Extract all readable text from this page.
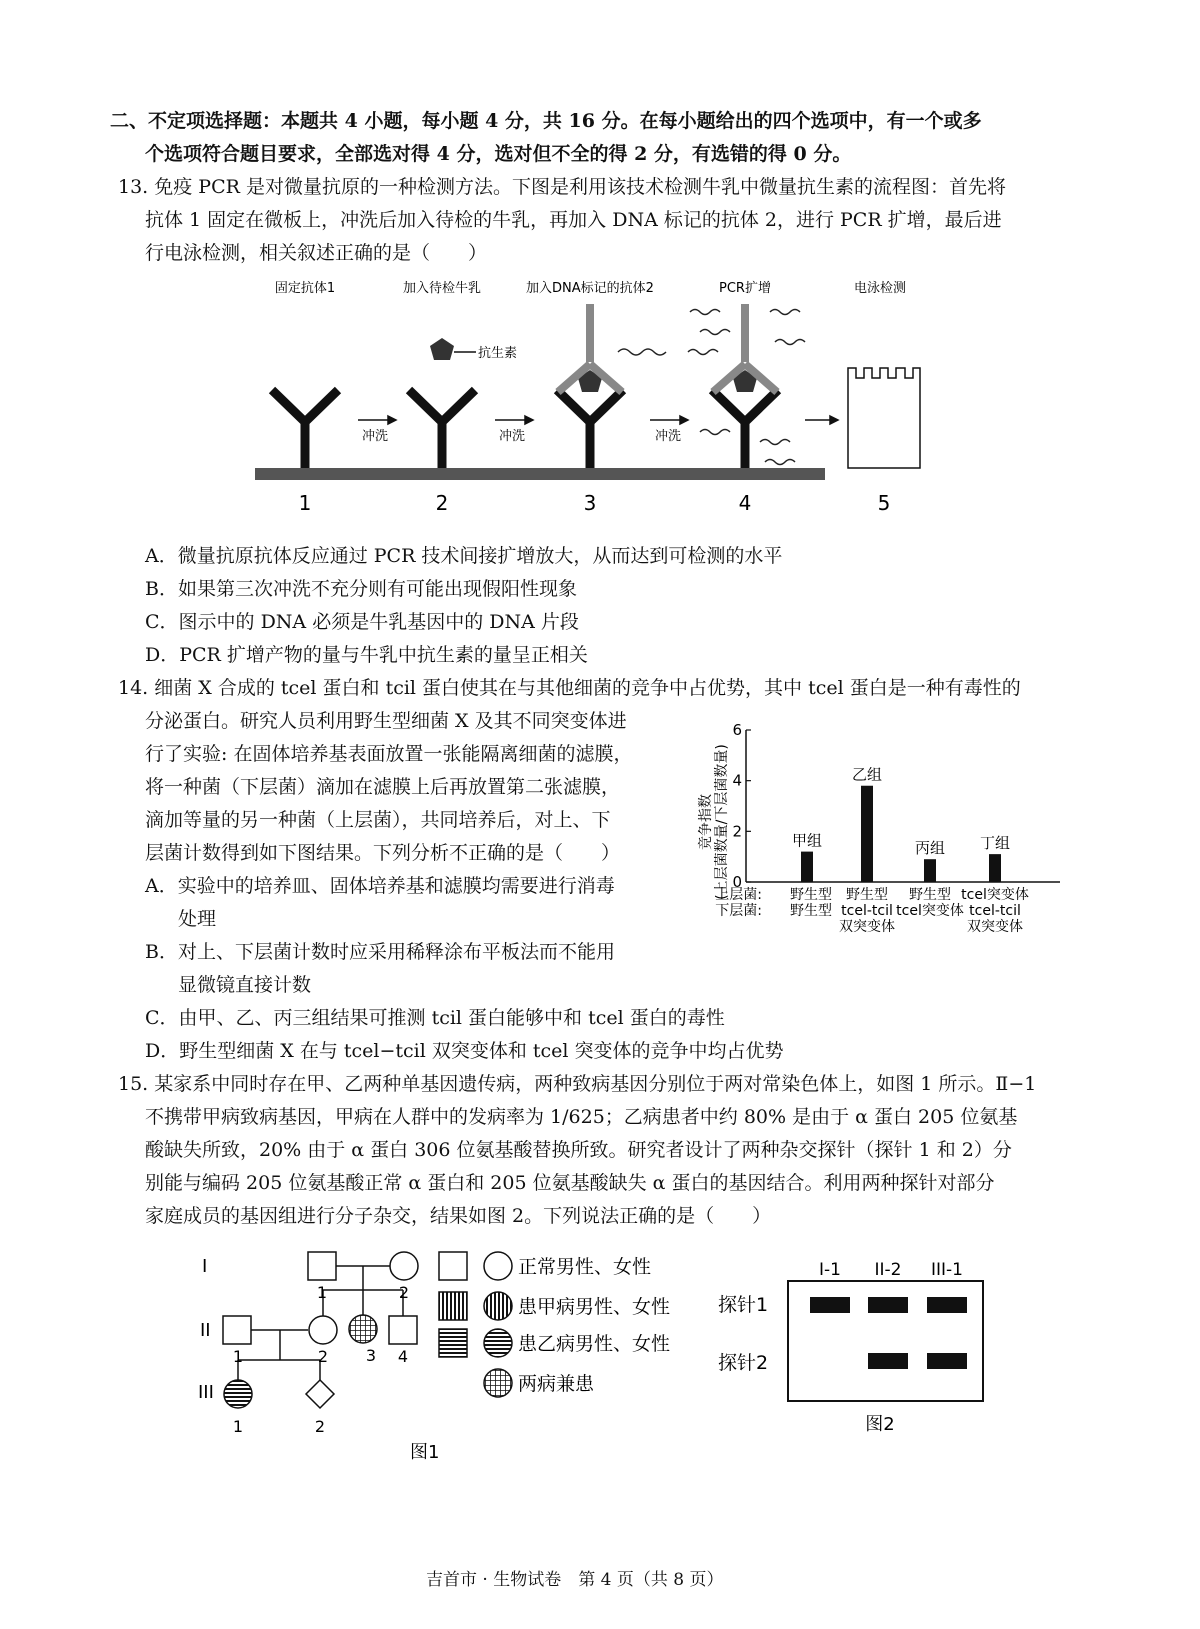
二、不定项选择题：本题共 4 小题，每小题 4 分，共 16 分。在每小题给出的四个选项中，有一个或多
个选项符合题目要求，全部选对得 4 分，选对但不全的得 2 分，有选错的得 0 分。
13. 免疫 PCR 是对微量抗原的一种检测方法。下图是利用该技术检测牛乳中微量抗生素的流程图：首先将
抗体 1 固定在微板上，冲洗后加入待检的牛乳，再加入 DNA 标记的抗体 2，进行 PCR 扩增，最后进
行电泳检测，相关叙述正确的是（　　）
固定抗体1	加入待检牛乳	加入DNA标记的抗体2	PCR扩增	电泳检测
抗生素
冲洗	冲洗	冲洗
1	2	3	4	5
A．微量抗原抗体反应通过 PCR 技术间接扩增放大，从而达到可检测的水平
B．如果第三次冲洗不充分则有可能出现假阳性现象
C．图示中的 DNA 必须是牛乳基因中的 DNA 片段
D．PCR 扩增产物的量与牛乳中抗生素的量呈正相关
14. 细菌 X 合成的 tcel 蛋白和 tcil 蛋白使其在与其他细菌的竞争中占优势，其中 tcel 蛋白是一种有毒性的
分泌蛋白。研究人员利用野生型细菌 X 及其不同突变体进
行了实验: 在固体培养基表面放置一张能隔离细菌的滤膜，
将一种菌（下层菌）滴加在滤膜上后再放置第二张滤膜，
滴加等量的另一种菌（上层菌），共同培养后，对上、下
层菌计数得到如下图结果。下列分析不正确的是（　　）
A．实验中的培养皿、固体培养基和滤膜均需要进行消毒
处理
B．对上、下层菌计数时应采用稀释涂布平板法而不能用
显微镜直接计数
C．由甲、乙、丙三组结果可推测 tcil 蛋白能够中和 tcel 蛋白的毒性
D．野生型细菌 X 在与 tcel−tcil 双突变体和 tcel 突变体的竞争中均占优势
竞争指数 (上层菌数量/下层菌数量) 0
2
4
6
甲组
野生型
野生型
乙组
野生型
tcel-tcil
双突变体
丙组
野生型
tcel突变体
丁组
tcel突变体
tcel-tcil
双突变体
上层菌:
下层菌:
15. 某家系中同时存在甲、乙两种单基因遗传病，两种致病基因分别位于两对常染色体上，如图 1 所示。Ⅱ−1
不携带甲病致病基因，甲病在人群中的发病率为 1/625；乙病患者中约 80% 是由于 α 蛋白 205 位氨基
酸缺失所致，20% 由于 α 蛋白 306 位氨基酸替换所致。研究者设计了两种杂交探针（探针 1 和 2）分
别能与编码 205 位氨基酸正常 α 蛋白和 205 位氨基酸缺失 α 蛋白的基因结合。利用两种探针对部分
家庭成员的基因组进行分子杂交，结果如图 2。下列说法正确的是（　　）
I
II
III
1	2
1	2 3 4
1	2
正常男性、女性
患甲病男性、女性
患乙病男性、女性
两病兼患
图1
I-1 II-2 III-1
探针1
探针2
图2
吉首市 · 生物试卷　第 4 页（共 8 页）
